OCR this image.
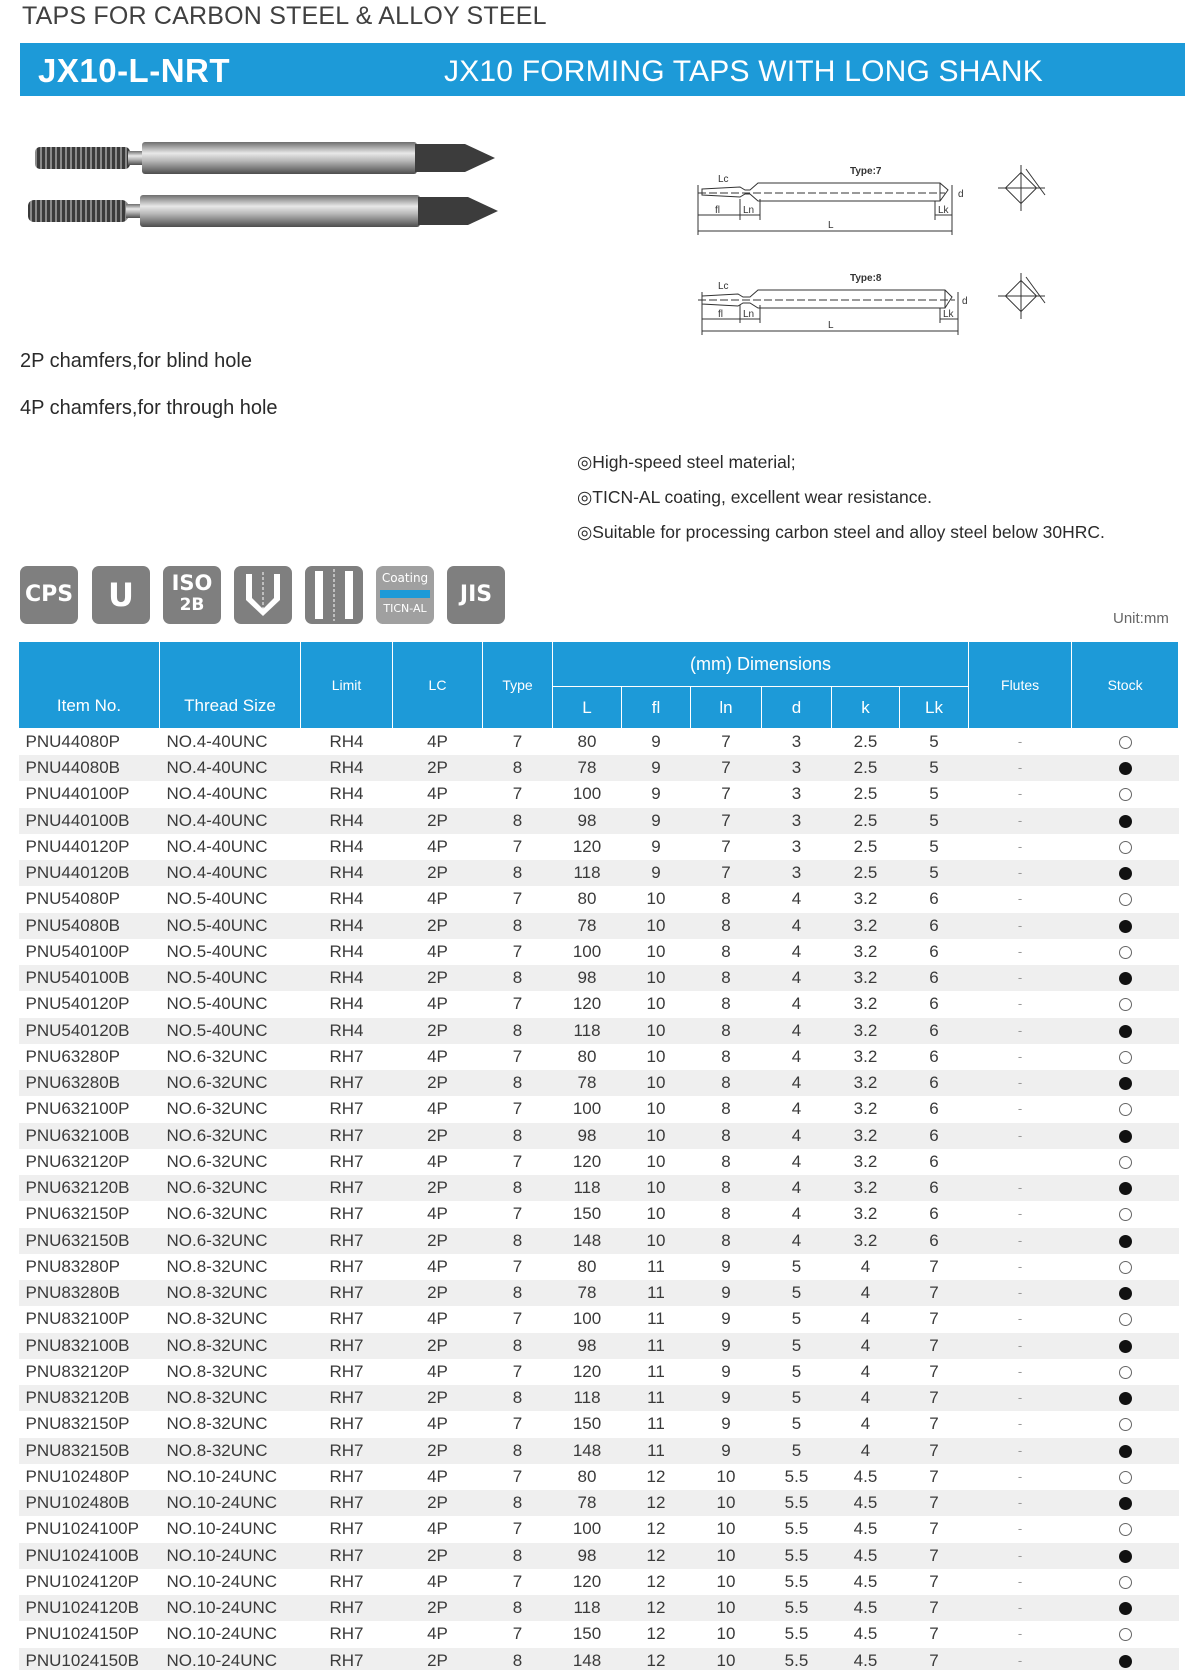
TAPS FOR CARBON STEEL & ALLOY STEEL
JX10-L-NRT	JX10 FORMING TAPS WITH LONG SHANK
2P chamfers,for blind hole
4P chamfers,for through hole
Type:7
Lc
fl Ln	Lk
L
d
Type:8
Lc
fl Ln	Lk
L
d
◎High-speed steel material;
◎TICN-AL coating, excellent wear resistance.
◎Suitable for processing carbon steel and alloy steel below 30HRC.
CPS	U	ISO
2B
Coating
TICN-AL
JIS
Unit:mm
Item No.	Thread Size	Limit	LC	Type	(mm) Dimensions						Flutes	Stock
					L	fl	ln	d	k	Lk		
PNU44080P	NO.4-40UNC	RH4	4P	7	80	9	7	3	2.5	5	-	
PNU44080B	NO.4-40UNC	RH4	2P	8	78	9	7	3	2.5	5	-	
PNU440100P	NO.4-40UNC	RH4	4P	7	100	9	7	3	2.5	5	-	
PNU440100B	NO.4-40UNC	RH4	2P	8	98	9	7	3	2.5	5	-	
PNU440120P	NO.4-40UNC	RH4	4P	7	120	9	7	3	2.5	5	-	
PNU440120B	NO.4-40UNC	RH4	2P	8	118	9	7	3	2.5	5	-	
PNU54080P	NO.5-40UNC	RH4	4P	7	80	10	8	4	3.2	6	-	
PNU54080B	NO.5-40UNC	RH4	2P	8	78	10	8	4	3.2	6	-	
PNU540100P	NO.5-40UNC	RH4	4P	7	100	10	8	4	3.2	6	-	
PNU540100B	NO.5-40UNC	RH4	2P	8	98	10	8	4	3.2	6	-	
PNU540120P	NO.5-40UNC	RH4	4P	7	120	10	8	4	3.2	6	-	
PNU540120B	NO.5-40UNC	RH4	2P	8	118	10	8	4	3.2	6	-	
PNU63280P	NO.6-32UNC	RH7	4P	7	80	10	8	4	3.2	6	-	
PNU63280B	NO.6-32UNC	RH7	2P	8	78	10	8	4	3.2	6	-	
PNU632100P	NO.6-32UNC	RH7	4P	7	100	10	8	4	3.2	6	-	
PNU632100B	NO.6-32UNC	RH7	2P	8	98	10	8	4	3.2	6	-	
PNU632120P	NO.6-32UNC	RH7	4P	7	120	10	8	4	3.2	6		
PNU632120B	NO.6-32UNC	RH7	2P	8	118	10	8	4	3.2	6	-	
PNU632150P	NO.6-32UNC	RH7	4P	7	150	10	8	4	3.2	6	-	
PNU632150B	NO.6-32UNC	RH7	2P	8	148	10	8	4	3.2	6	-	
PNU83280P	NO.8-32UNC	RH7	4P	7	80	11	9	5	4	7	-	
PNU83280B	NO.8-32UNC	RH7	2P	8	78	11	9	5	4	7	-	
PNU832100P	NO.8-32UNC	RH7	4P	7	100	11	9	5	4	7	-	
PNU832100B	NO.8-32UNC	RH7	2P	8	98	11	9	5	4	7	-	
PNU832120P	NO.8-32UNC	RH7	4P	7	120	11	9	5	4	7	-	
PNU832120B	NO.8-32UNC	RH7	2P	8	118	11	9	5	4	7	-	
PNU832150P	NO.8-32UNC	RH7	4P	7	150	11	9	5	4	7	-	
PNU832150B	NO.8-32UNC	RH7	2P	8	148	11	9	5	4	7	-	
PNU102480P	NO.10-24UNC	RH7	4P	7	80	12	10	5.5	4.5	7	-	
PNU102480B	NO.10-24UNC	RH7	2P	8	78	12	10	5.5	4.5	7	-	
PNU1024100P	NO.10-24UNC	RH7	4P	7	100	12	10	5.5	4.5	7	-	
PNU1024100B	NO.10-24UNC	RH7	2P	8	98	12	10	5.5	4.5	7	-	
PNU1024120P	NO.10-24UNC	RH7	4P	7	120	12	10	5.5	4.5	7	-	
PNU1024120B	NO.10-24UNC	RH7	2P	8	118	12	10	5.5	4.5	7	-	
PNU1024150P	NO.10-24UNC	RH7	4P	7	150	12	10	5.5	4.5	7	-	
PNU1024150B	NO.10-24UNC	RH7	2P	8	148	12	10	5.5	4.5	7	-	
